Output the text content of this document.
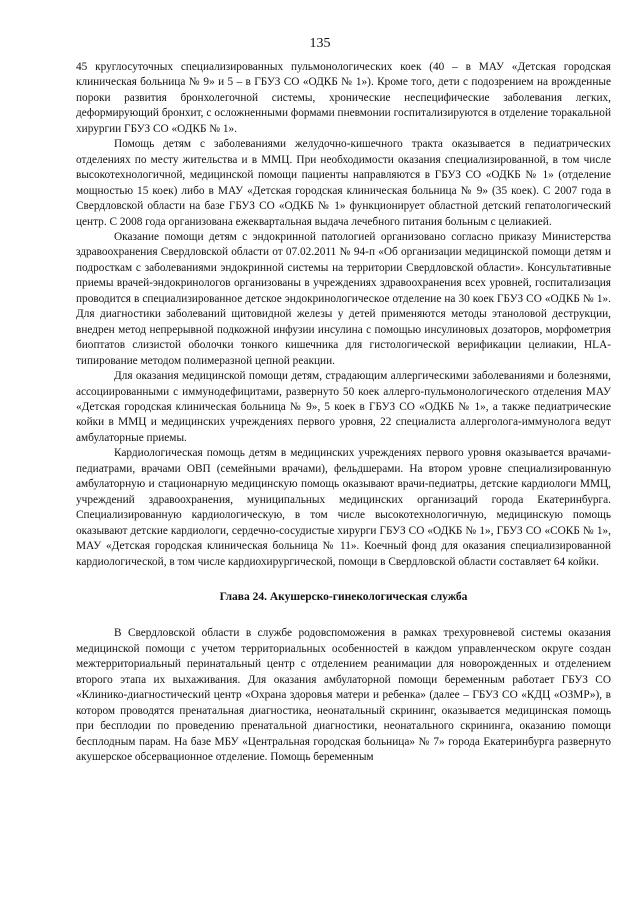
135

45 круглосуточных специализированных пульмонологических коек (40 – в МАУ «Детская городская клиническая больница № 9» и 5 – в ГБУЗ СО «ОДКБ № 1»). Кроме того, дети с подозрением на врожденные пороки развития бронхолегочной системы, хронические неспецифические заболевания легких, деформирующий бронхит, с осложненными формами пневмонии госпитализируются в отделение торакальной хирургии ГБУЗ СО «ОДКБ № 1».

Помощь детям с заболеваниями желудочно-кишечного тракта оказывается в педиатрических отделениях по месту жительства и в ММЦ. При необходимости оказания специализированной, в том числе высокотехнологичной, медицинской помощи пациенты направляются в ГБУЗ СО «ОДКБ № 1» (отделение мощностью 15 коек) либо в МАУ «Детская городская клиническая больница № 9» (35 коек). С 2007 года в Свердловской области на базе ГБУЗ СО «ОДКБ № 1» функционирует областной детский гепатологический центр. С 2008 года организована ежеквартальная выдача лечебного питания больным с целиакией.

Оказание помощи детям с эндокринной патологией организовано согласно приказу Министерства здравоохранения Свердловской области от 07.02.2011 № 94-п «Об организации медицинской помощи детям и подросткам с заболеваниями эндокринной системы на территории Свердловской области». Консультативные приемы врачей-эндокринологов организованы в учреждениях здравоохранения всех уровней, госпитализация проводится в специализированное детское эндокринологическое отделение на 30 коек ГБУЗ СО «ОДКБ № 1». Для диагностики заболеваний щитовидной железы у детей применяются методы этаноловой деструкции, внедрен метод непрерывной подкожной инфузии инсулина с помощью инсулиновых дозаторов, морфометрия биоптатов слизистой оболочки тонкого кишечника для гистологической верификации целиакии, HLA-типирование методом полимеразной цепной реакции.

Для оказания медицинской помощи детям, страдающим аллергическими заболеваниями и болезнями, ассоциированными с иммунодефицитами, развернуто 50 коек аллерго-пульмонологического отделения МАУ «Детская городская клиническая больница № 9», 5 коек в ГБУЗ СО «ОДКБ № 1», а также педиатрические койки в ММЦ и медицинских учреждениях первого уровня, 22 специалиста аллерголога-иммунолога ведут амбулаторные приемы.

Кардиологическая помощь детям в медицинских учреждениях первого уровня оказывается врачами-педиатрами, врачами ОВП (семейными врачами), фельдшерами. На втором уровне специализированную амбулаторную и стационарную медицинскую помощь оказывают врачи-педиатры, детские кардиологи ММЦ, учреждений здравоохранения, муниципальных медицинских организаций города Екатеринбурга. Специализированную кардиологическую, в том числе высокотехнологичную, медицинскую помощь оказывают детские кардиологи, сердечно-сосудистые хирурги ГБУЗ СО «ОДКБ № 1», ГБУЗ СО «СОКБ № 1», МАУ «Детская городская клиническая больница № 11». Коечный фонд для оказания специализированной кардиологической, в том числе кардиохирургической, помощи в Свердловской области составляет 64 койки.

Глава 24. Акушерско-гинекологическая служба

В Свердловской области в службе родовспоможения в рамках трехуровневой системы оказания медицинской помощи с учетом территориальных особенностей в каждом управленческом округе создан межтерриториальный перинатальный центр с отделением реанимации для новорожденных и отделением второго этапа их выхаживания. Для оказания амбулаторной помощи беременным работает ГБУЗ СО «Клинико-диагностический центр «Охрана здоровья матери и ребенка» (далее – ГБУЗ СО «КДЦ «ОЗМР»), в котором проводятся пренатальная диагностика, неонатальный скрининг, оказывается медицинская помощь при бесплодии по проведению пренатальной диагностики, неонатального скрининга, оказанию помощи бесплодным парам. На базе МБУ «Центральная городская больница» № 7» города Екатеринбурга развернуто акушерское обсервационное отделение. Помощь беременным
